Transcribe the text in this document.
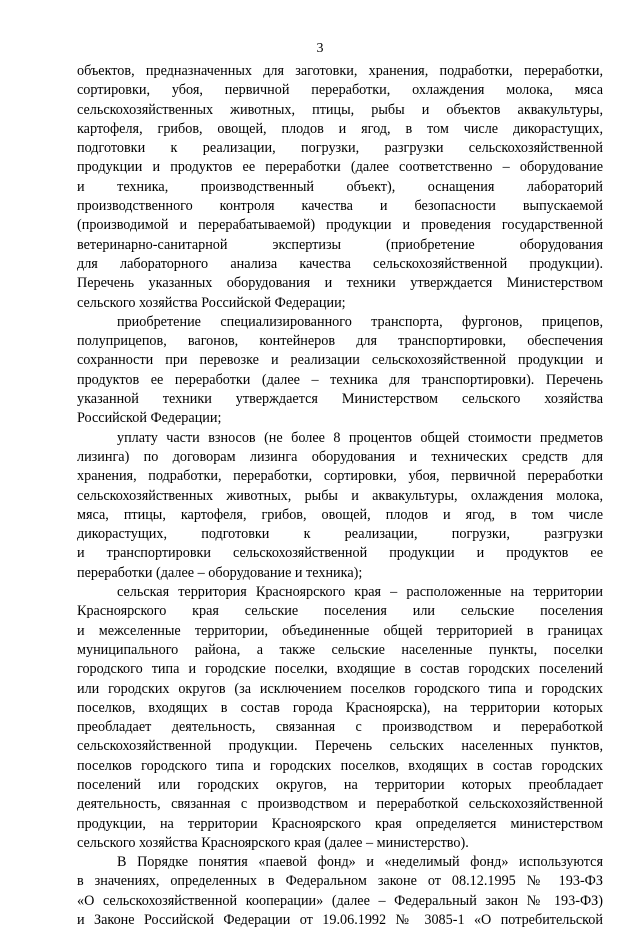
3

объектов, предназначенных для заготовки, хранения, подработки, переработки,
сортировки, убоя, первичной переработки, охлаждения молока, мяса
сельскохозяйственных животных, птицы, рыбы и объектов аквакультуры,
картофеля, грибов, овощей, плодов и ягод, в том числе дикорастущих,
подготовки к реализации, погрузки, разгрузки сельскохозяйственной
продукции и продуктов ее переработки (далее соответственно – оборудование
и техника, производственный объект), оснащения лабораторий
производственного контроля качества и безопасности выпускаемой
(производимой и перерабатываемой) продукции и проведения государственной
ветеринарно-санитарной экспертизы (приобретение оборудования
для лабораторного анализа качества сельскохозяйственной продукции).
Перечень указанных оборудования и техники утверждается Министерством
сельского хозяйства Российской Федерации;

приобретение специализированного транспорта, фургонов, прицепов,
полуприцепов, вагонов, контейнеров для транспортировки, обеспечения
сохранности при перевозке и реализации сельскохозяйственной продукции и
продуктов ее переработки (далее – техника для транспортировки). Перечень
указанной техники утверждается Министерством сельского хозяйства
Российской Федерации;

уплату части взносов (не более 8 процентов общей стоимости предметов
лизинга) по договорам лизинга оборудования и технических средств для
хранения, подработки, переработки, сортировки, убоя, первичной переработки
сельскохозяйственных животных, рыбы и аквакультуры, охлаждения молока,
мяса, птицы, картофеля, грибов, овощей, плодов и ягод, в том числе
дикорастущих, подготовки к реализации, погрузки, разгрузки
и транспортировки сельскохозяйственной продукции и продуктов ее
переработки (далее – оборудование и техника);

сельская территория Красноярского края – расположенные на территории
Красноярского края сельские поселения или сельские поселения
и межселенные территории, объединенные общей территорией в границах
муниципального района, а также сельские населенные пункты, поселки
городского типа и городские поселки, входящие в состав городских поселений
или городских округов (за исключением поселков городского типа и городских
поселков, входящих в состав города Красноярска), на территории которых
преобладает деятельность, связанная с производством и переработкой
сельскохозяйственной продукции. Перечень сельских населенных пунктов,
поселков городского типа и городских поселков, входящих в состав городских
поселений или городских округов, на территории которых преобладает
деятельность, связанная с производством и переработкой сельскохозяйственной
продукции, на территории Красноярского края определяется министерством
сельского хозяйства Красноярского края (далее – министерство).

В Порядке понятия «паевой фонд» и «неделимый фонд» используются
в значениях, определенных в Федеральном законе от 08.12.1995 № 193-ФЗ
«О сельскохозяйственной кооперации» (далее – Федеральный закон № 193-ФЗ)
и Законе Российской Федерации от 19.06.1992 № 3085-1 «О потребительской
